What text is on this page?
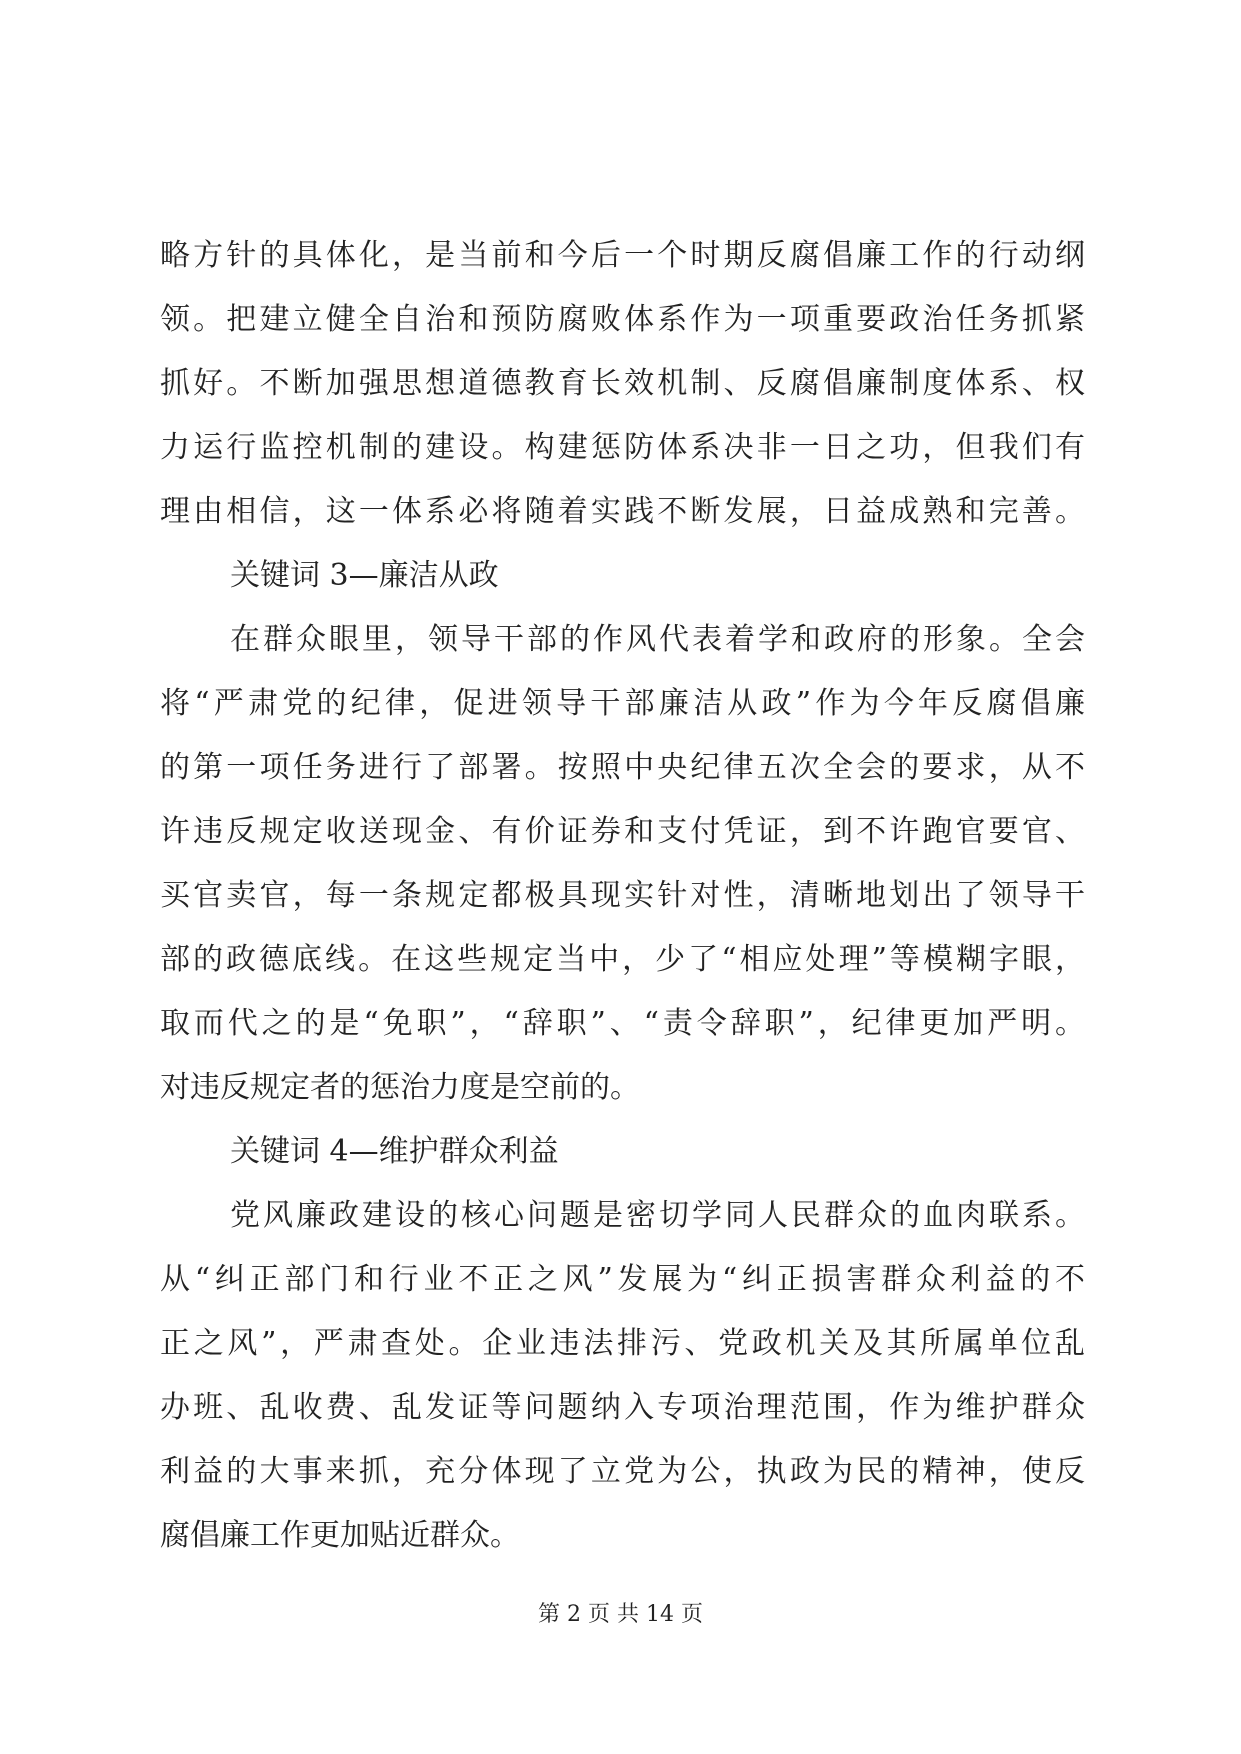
略方针的具体化，是当前和今后一个时期反腐倡廉工作的行动纲
领。把建立健全自治和预防腐败体系作为一项重要政治任务抓紧
抓好。不断加强思想道德教育长效机制、反腐倡廉制度体系、权
力运行监控机制的建设。构建惩防体系决非一日之功，但我们有
理由相信，这一体系必将随着实践不断发展，日益成熟和完善。
关键词 3—廉洁从政
在群众眼里，领导干部的作风代表着学和政府的形象。全会
将“严肃党的纪律，促进领导干部廉洁从政”作为今年反腐倡廉
的第一项任务进行了部署。按照中央纪律五次全会的要求，从不
许违反规定收送现金、有价证券和支付凭证，到不许跑官要官、
买官卖官，每一条规定都极具现实针对性，清晰地划出了领导干
部的政德底线。在这些规定当中，少了“相应处理”等模糊字眼，
取而代之的是“免职”，“辞职”、“责令辞职”，纪律更加严明。
对违反规定者的惩治力度是空前的。
关键词 4—维护群众利益
党风廉政建设的核心问题是密切学同人民群众的血肉联系。
从“纠正部门和行业不正之风”发展为“纠正损害群众利益的不
正之风”，严肃查处。企业违法排污、党政机关及其所属单位乱
办班、乱收费、乱发证等问题纳入专项治理范围，作为维护群众
利益的大事来抓，充分体现了立党为公，执政为民的精神，使反
腐倡廉工作更加贴近群众。
第 2 页 共 14 页
